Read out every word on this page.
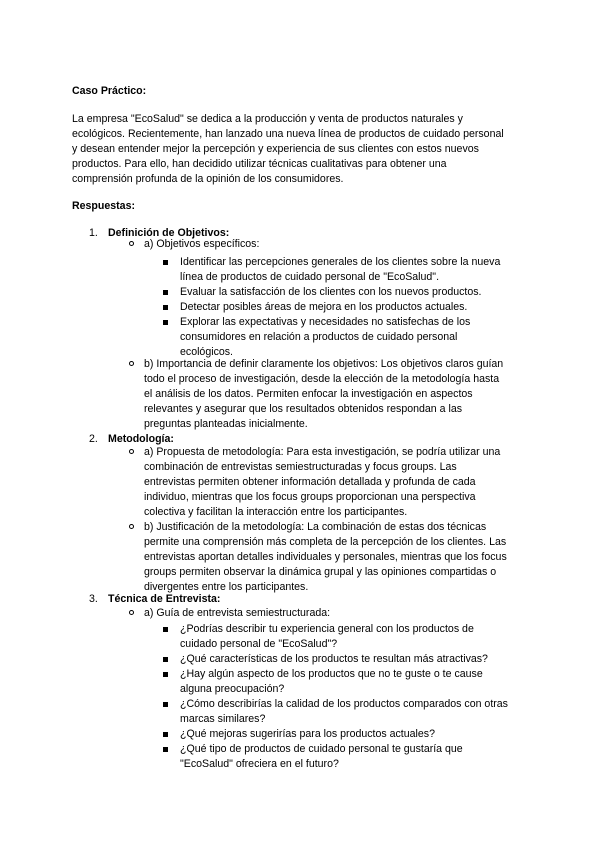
Caso Práctico:
La empresa "EcoSalud" se dedica a la producción y venta de productos naturales y
ecológicos. Recientemente, han lanzado una nueva línea de productos de cuidado personal
y desean entender mejor la percepción y experiencia de sus clientes con estos nuevos
productos. Para ello, han decidido utilizar técnicas cualitativas para obtener una
comprensión profunda de la opinión de los consumidores.
Respuestas:
1. Definición de Objetivos:
a) Objetivos específicos:
Identificar las percepciones generales de los clientes sobre la nueva
línea de productos de cuidado personal de "EcoSalud".
Evaluar la satisfacción de los clientes con los nuevos productos.
Detectar posibles áreas de mejora en los productos actuales.
Explorar las expectativas y necesidades no satisfechas de los
consumidores en relación a productos de cuidado personal
ecológicos.
b) Importancia de definir claramente los objetivos: Los objetivos claros guían
todo el proceso de investigación, desde la elección de la metodología hasta
el análisis de los datos. Permiten enfocar la investigación en aspectos
relevantes y asegurar que los resultados obtenidos respondan a las
preguntas planteadas inicialmente.
2. Metodología:
a) Propuesta de metodología: Para esta investigación, se podría utilizar una
combinación de entrevistas semiestructuradas y focus groups. Las
entrevistas permiten obtener información detallada y profunda de cada
individuo, mientras que los focus groups proporcionan una perspectiva
colectiva y facilitan la interacción entre los participantes.
b) Justificación de la metodología: La combinación de estas dos técnicas
permite una comprensión más completa de la percepción de los clientes. Las
entrevistas aportan detalles individuales y personales, mientras que los focus
groups permiten observar la dinámica grupal y las opiniones compartidas o
divergentes entre los participantes.
3. Técnica de Entrevista:
a) Guía de entrevista semiestructurada:
¿Podrías describir tu experiencia general con los productos de
cuidado personal de "EcoSalud"?
¿Qué características de los productos te resultan más atractivas?
¿Hay algún aspecto de los productos que no te guste o te cause
alguna preocupación?
¿Cómo describirías la calidad de los productos comparados con otras
marcas similares?
¿Qué mejoras sugerirías para los productos actuales?
¿Qué tipo de productos de cuidado personal te gustaría que
"EcoSalud" ofreciera en el futuro?
